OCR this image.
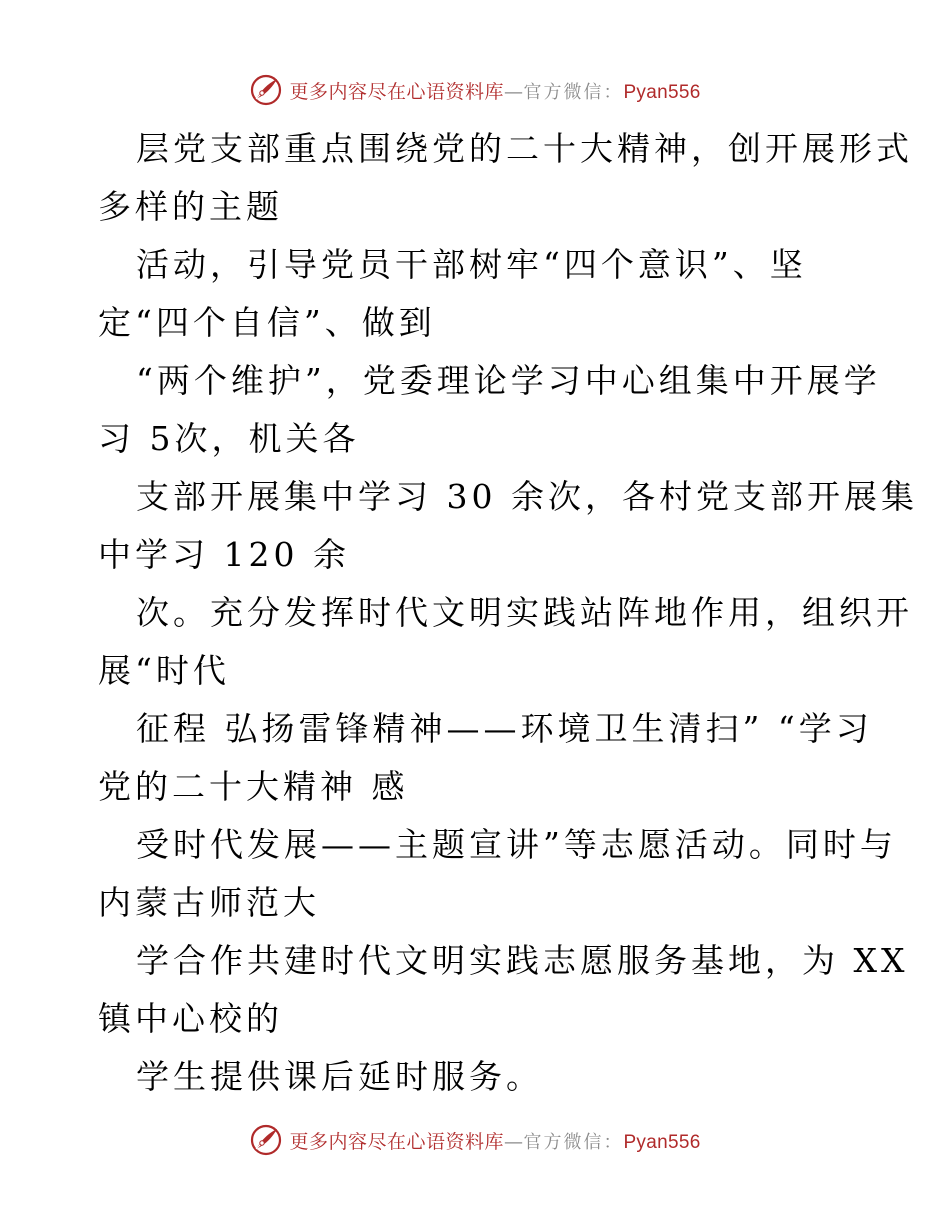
更多内容尽在心语资料库—官方微信：Pyan556
层党支部重点围绕党的二十大精神，创开展形式
多样的主题
活动，引导党员干部树牢“四个意识”、坚
定“四个自信”、做到
“两个维护”，党委理论学习中心组集中开展学
习 5次，机关各
支部开展集中学习 30 余次，各村党支部开展集
中学习 120 余
次。充分发挥时代文明实践站阵地作用，组织开
展“时代
征程 弘扬雷锋精神——环境卫生清扫” “学习
党的二十大精神 感
受时代发展——主题宣讲”等志愿活动。同时与
内蒙古师范大
学合作共建时代文明实践志愿服务基地，为 XX
镇中心校的
学生提供课后延时服务。
更多内容尽在心语资料库—官方微信：Pyan556
